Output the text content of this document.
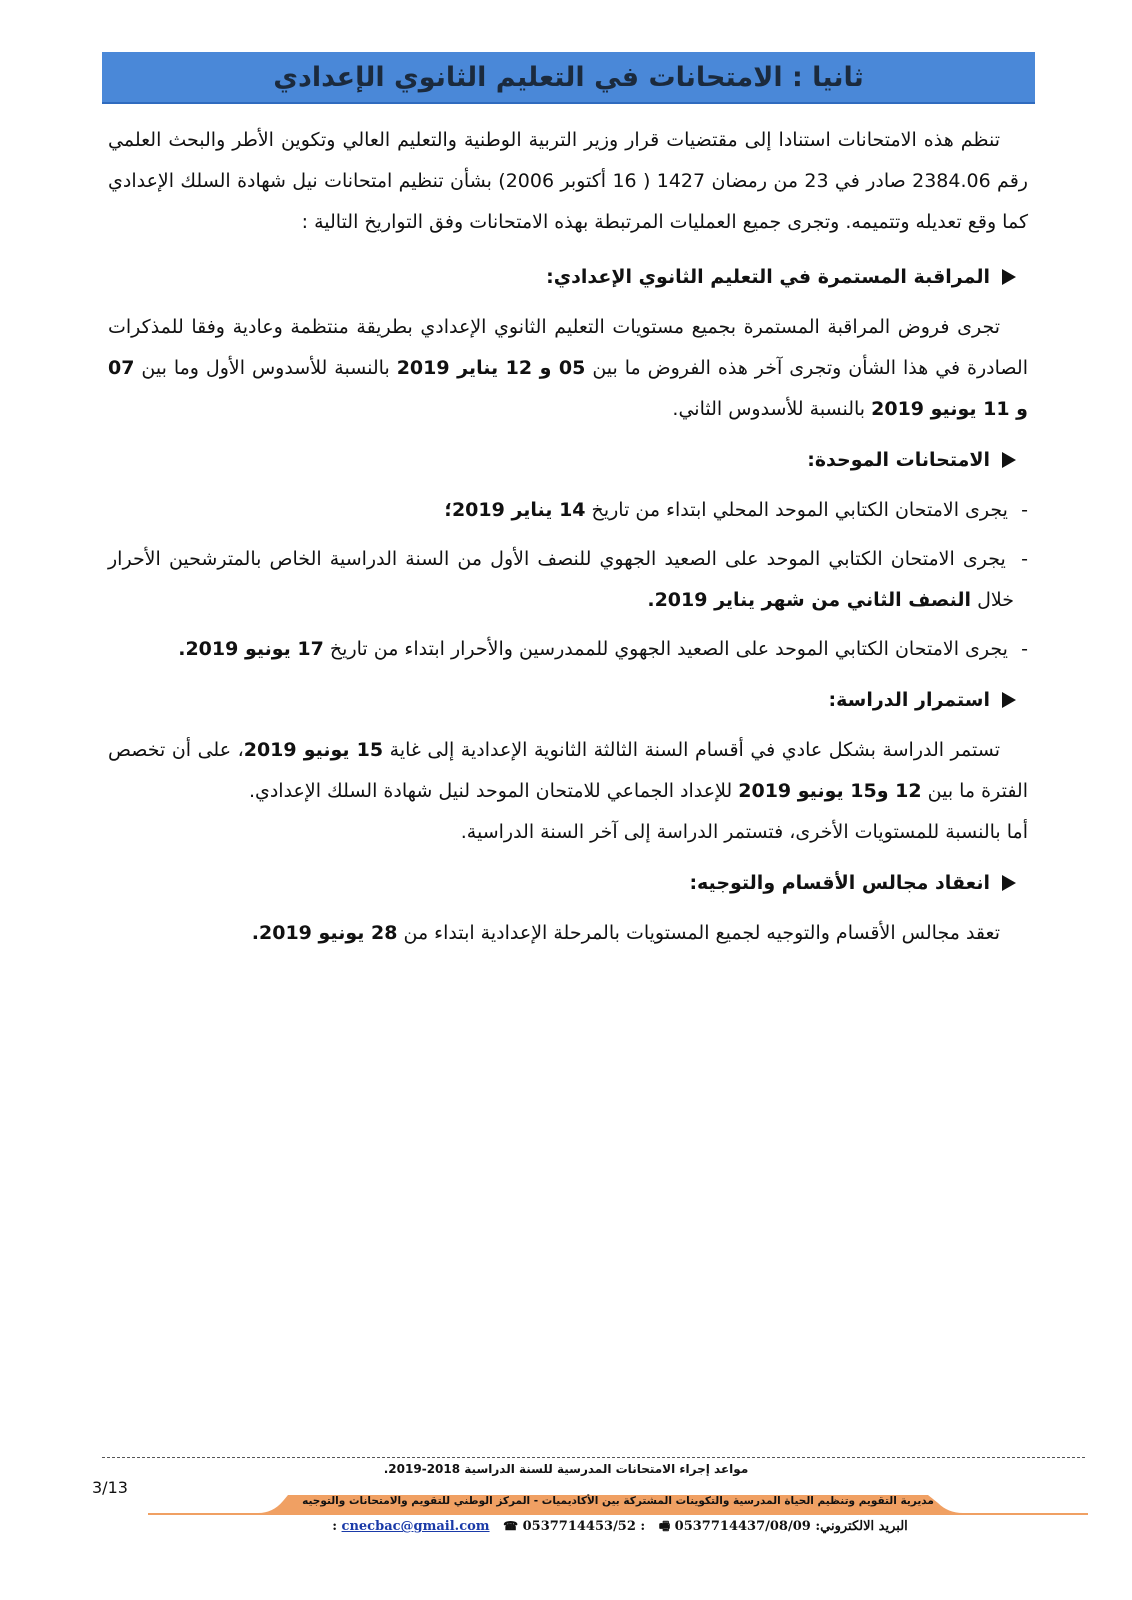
ثانيا : الامتحانات في التعليم الثانوي الإعدادي

تنظم هذه الامتحانات استنادا إلى مقتضيات قرار وزير التربية الوطنية والتعليم العالي وتكوين الأطر والبحث العلمي رقم 2384.06 صادر في 23 من رمضان 1427 ( 16 أكتوبر 2006) بشأن تنظيم امتحانات نيل شهادة السلك الإعدادي كما وقع تعديله وتتميمه. وتجرى جميع العمليات المرتبطة بهذه الامتحانات وفق التواريخ التالية :

المراقبة المستمرة في التعليم الثانوي الإعدادي:

تجرى فروض المراقبة المستمرة بجميع مستويات التعليم الثانوي الإعدادي بطريقة منتظمة وعادية وفقا للمذكرات الصادرة في هذا الشأن وتجرى آخر هذه الفروض ما بين 05 و 12 يناير 2019 بالنسبة للأسدوس الأول وما بين 07 و 11 يونيو 2019 بالنسبة للأسدوس الثاني.

الامتحانات الموحدة:

- يجرى الامتحان الكتابي الموحد المحلي ابتداء من تاريخ 14 يناير 2019؛

- يجرى الامتحان الكتابي الموحد على الصعيد الجهوي للنصف الأول من السنة الدراسية الخاص بالمترشحين الأحرار خلال النصف الثاني من شهر يناير 2019.

- يجرى الامتحان الكتابي الموحد على الصعيد الجهوي للممدرسين والأحرار ابتداء من تاريخ 17 يونيو 2019.

استمرار الدراسة:

تستمر الدراسة بشكل عادي في أقسام السنة الثالثة الثانوية الإعدادية إلى غاية 15 يونيو 2019، على أن تخصص الفترة ما بين 12 و15 يونيو 2019 للإعداد الجماعي للامتحان الموحد لنيل شهادة السلك الإعدادي.

أما بالنسبة للمستويات الأخرى، فتستمر الدراسة إلى آخر السنة الدراسية.

انعقاد مجالس الأقسام والتوجيه:

تعقد مجالس الأقسام والتوجيه لجميع المستويات بالمرحلة الإعدادية ابتداء من 28 يونيو 2019.

مواعد إجراء الامتحانات المدرسية للسنة الدراسية 2018-2019.
3/13
مديرية التقويم وتنظيم الحياة المدرسية والتكوينات المشتركة بين الأكاديميات - المركز الوطني للتقويم والامتحانات والتوجيه
البريد الالكتروني: cnecbac@gmail.com ☎ 0537714453/52 : 🖷 0537714437/08/09 :
